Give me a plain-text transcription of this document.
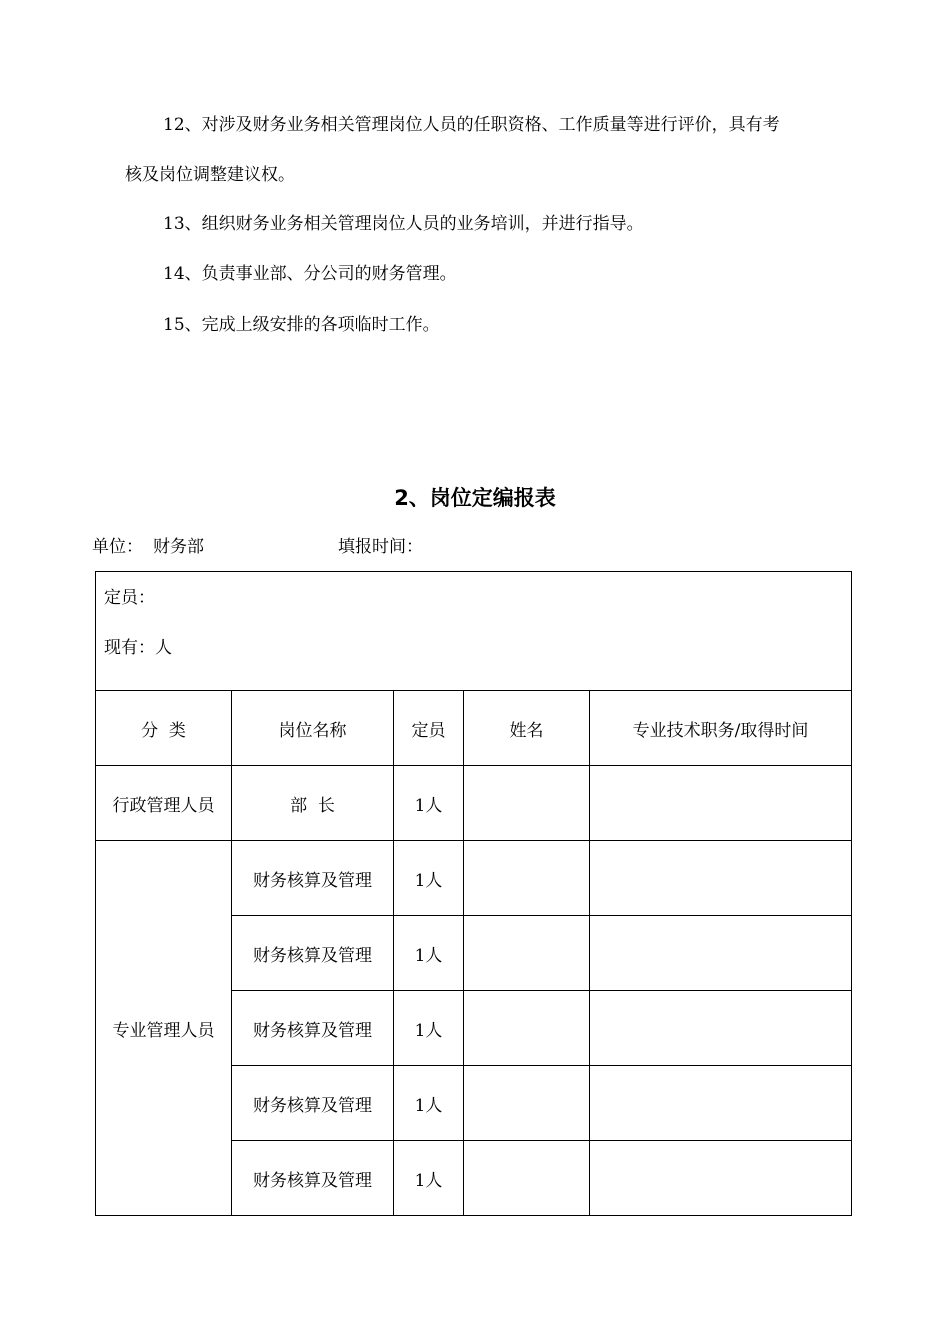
12、对涉及财务业务相关管理岗位人员的任职资格、工作质量等进行评价，具有考
核及岗位调整建议权。
13、组织财务业务相关管理岗位人员的业务培训，并进行指导。
14、负责事业部、分公司的财务管理。
15、完成上级安排的各项临时工作。
2、岗位定编报表
单位： 财务部	填报时间：
定员：
现有：人				

分  类	岗位名称	定员	姓名	专业技术职务/取得时间
行政管理人员	部  长	1人		
专业管理人员	财务核算及管理	1人		
	财务核算及管理	1人		
	财务核算及管理	1人		
	财务核算及管理	1人		
	财务核算及管理	1人		
